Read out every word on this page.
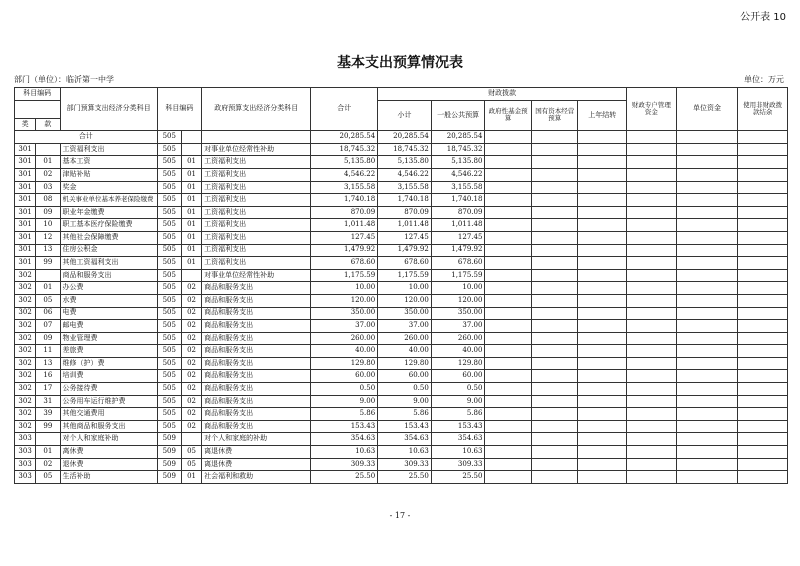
公开表 10
基本支出预算情况表
部门（单位）：临沂第一中学	单位：万元
科目编码		部门预算支出经济分类科目	科目编码		政府预算支出经济分类科目	合计	财政拨款					财政专户管理资金	单位资金	使用非财政拨款结余
							小计	一般公共预算	政府性基金预算	国有资本经营预算	上年结转			
类	款													
合计			505			20,285.54	20,285.54	20,285.54						
301		工资福利支出	505		对事业单位经常性补助	18,745.32	18,745.32	18,745.32						
301	01	基本工资	505	01	工资福利支出	5,135.80	5,135.80	5,135.80						
301	02	津贴补贴	505	01	工资福利支出	4,546.22	4,546.22	4,546.22						
301	03	奖金	505	01	工资福利支出	3,155.58	3,155.58	3,155.58						
301	08	机关事业单位基本养老保险缴费	505	01	工资福利支出	1,740.18	1,740.18	1,740.18						
301	09	职业年金缴费	505	01	工资福利支出	870.09	870.09	870.09						
301	10	职工基本医疗保险缴费	505	01	工资福利支出	1,011.48	1,011.48	1,011.48						
301	12	其他社会保障缴费	505	01	工资福利支出	127.45	127.45	127.45						
301	13	住房公积金	505	01	工资福利支出	1,479.92	1,479.92	1,479.92						
301	99	其他工资福利支出	505	01	工资福利支出	678.60	678.60	678.60						
302		商品和服务支出	505		对事业单位经常性补助	1,175.59	1,175.59	1,175.59						
302	01	办公费	505	02	商品和服务支出	10.00	10.00	10.00						
302	05	水费	505	02	商品和服务支出	120.00	120.00	120.00						
302	06	电费	505	02	商品和服务支出	350.00	350.00	350.00						
302	07	邮电费	505	02	商品和服务支出	37.00	37.00	37.00						
302	09	物业管理费	505	02	商品和服务支出	260.00	260.00	260.00						
302	11	差旅费	505	02	商品和服务支出	40.00	40.00	40.00						
302	13	维修（护）费	505	02	商品和服务支出	129.80	129.80	129.80						
302	16	培训费	505	02	商品和服务支出	60.00	60.00	60.00						
302	17	公务接待费	505	02	商品和服务支出	0.50	0.50	0.50						
302	31	公务用车运行维护费	505	02	商品和服务支出	9.00	9.00	9.00						
302	39	其他交通费用	505	02	商品和服务支出	5.86	5.86	5.86						
302	99	其他商品和服务支出	505	02	商品和服务支出	153.43	153.43	153.43						
303		对个人和家庭补助	509		对个人和家庭的补助	354.63	354.63	354.63						
303	01	离休费	509	05	离退休费	10.63	10.63	10.63						
303	02	退休费	509	05	离退休费	309.33	309.33	309.33						
303	05	生活补助	509	01	社会福利和救助	25.50	25.50	25.50						
- 17 -
